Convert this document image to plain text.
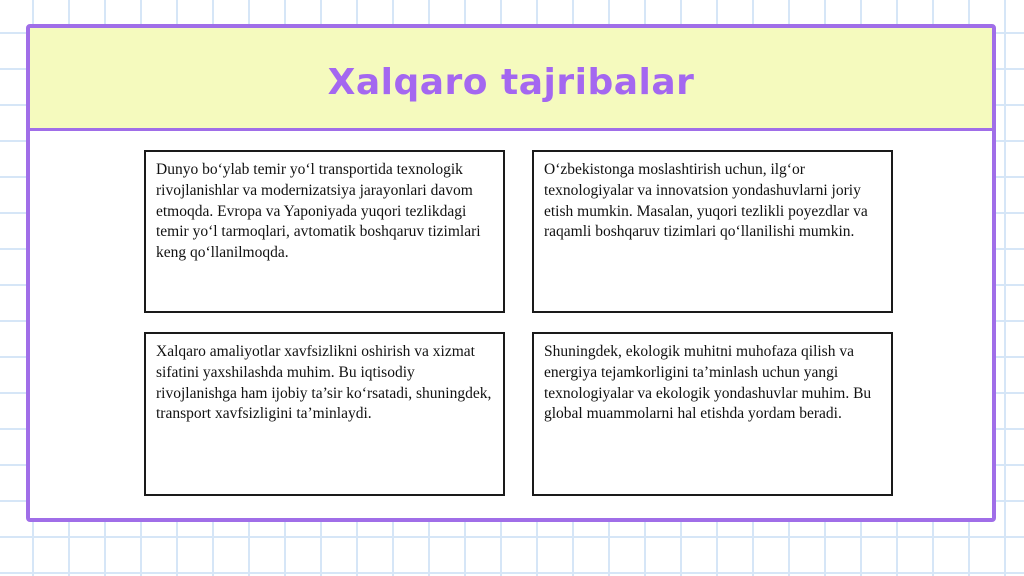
Xalqaro tajribalar
Dunyo bo‘ylab temir yo‘l transportida texnologik rivojlanishlar va modernizatsiya jarayonlari davom etmoqda. Evropa va Yaponiyada yuqori tezlikdagi temir yo‘l tarmoqlari, avtomatik boshqaruv tizimlari keng qo‘llanilmoqda.
O‘zbekistonga moslashtirish uchun, ilg‘or texnologiyalar va innovatsion yondashuvlarni joriy etish mumkin. Masalan, yuqori tezlikli poyezdlar va raqamli boshqaruv tizimlari qo‘llanilishi mumkin.
Xalqaro amaliyotlar xavfsizlikni oshirish va xizmat sifatini yaxshilashda muhim. Bu iqtisodiy rivojlanishga ham ijobiy ta’sir ko‘rsatadi, shuningdek, transport xavfsizligini ta’minlaydi.
Shuningdek, ekologik muhitni muhofaza qilish va energiya tejamkorligini ta’minlash uchun yangi texnologiyalar va ekologik yondashuvlar muhim. Bu global muammolarni hal etishda yordam beradi.
